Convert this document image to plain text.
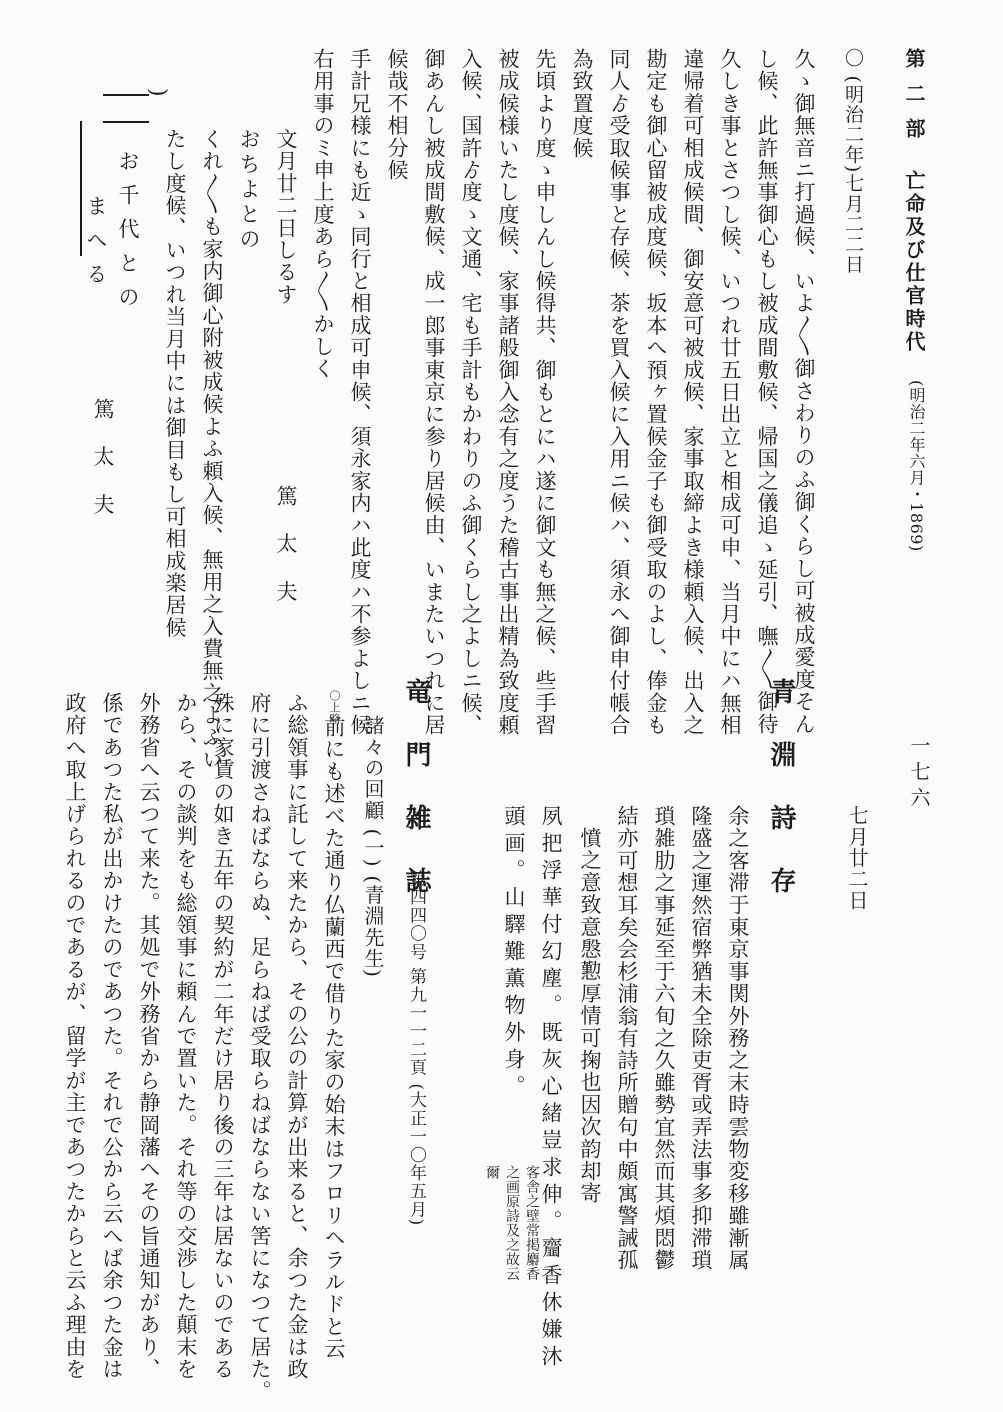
第 二 部
亡命及び仕官時代
(明治二年六月・1869)
一七六
〇 (明治二年)七月二二日
久ゝ御無音ニ打過候、いよ〳〵御さわりのふ御くらし可被成愛度そん
し候、此許無事御心もし被成間敷候、帰国之儀追ゝ延引、嘸〳〵御待
久しき事とさつし候、いつれ廿五日出立と相成可申、当月中にハ無相
違帰着可相成候間、御安意可被成候、家事取締よき様頼入候、出入之
勘定も御心留被成度候、坂本へ預ヶ置候金子も御受取のよし、俸金も
同人ゟ受取候事と存候、茶を買入候に入用ニ候ハ、須永へ御申付帳合
為致置度候
先頃より度ゝ申しんし候得共、御もとにハ遂に御文も無之候、些手習
被成候様いたし度候、家事諸般御入念有之度うた稽古事出精為致度頼
入候、国許ゟ度ゝ文通、宅も手計もかわりのふ御くらし之よしニ候、
御あんし被成間敷候、成一郎事東京に参り居候由、いまたいつれに居
候哉不相分候
手計兄様にも近ゝ同行と相成可申候、須永家内ハ此度ハ不参よしニ候
右用事のミ申上度あら〳〵かしく
文月廿二日しるす
篤 太 夫
おちよとの
くれ〳〵も家内御心附被成候よふ頼入候、無用之入費無之よふい
たし度候、いつれ当月中には御目もし可相成楽居候
)
お千代との
まへる
篤 太 夫
青 淵 詩 存 七月廿二日
余之客滞于東京事関外務之末時雲物変移雖漸属
隆盛之運然宿弊猶未全除吏胥或弄法事多抑滞瑣
瑣雑肋之事延至于六旬之久雖勢宜然而其煩悶鬱
結亦可想耳矣会杉浦翁有詩所贈句中頗寓警誡孤
憤之意致意慇懃厚情可掬也因次韵却寄
夙把浮華付幻塵。既灰心緒豈求伸。齏香休嫌沐
頭画。山驛難薫物外身。
客舎之壁常掲麝香之画原詩及之故云爾
竜 門 雑 誌
第四四〇号 第九一一二頁 (大正一〇年五月)
諸々の回顧 (一) (青淵先生)
〇上略
前にも述べた通り仏蘭西で借りた家の始末はフロリヘラルドと云
ふ総領事に託して来たから、その公の計算が出来ると、余つた金は政
府に引渡さねばならぬ、足らねば受取らねばならない筈になつて居た。
殊に家賃の如き五年の契約が二年だけ居り後の三年は居ないのである
から、その談判をも総領事に頼んで置いた。それ等の交渉した顛末を
外務省へ云つて来た。其処で外務省から静岡藩へその旨通知があり、
係であつた私が出かけたのであつた。それで公から云へば余つた金は
政府へ取上げられるのであるが、留学が主であつたからと云ふ理由を
